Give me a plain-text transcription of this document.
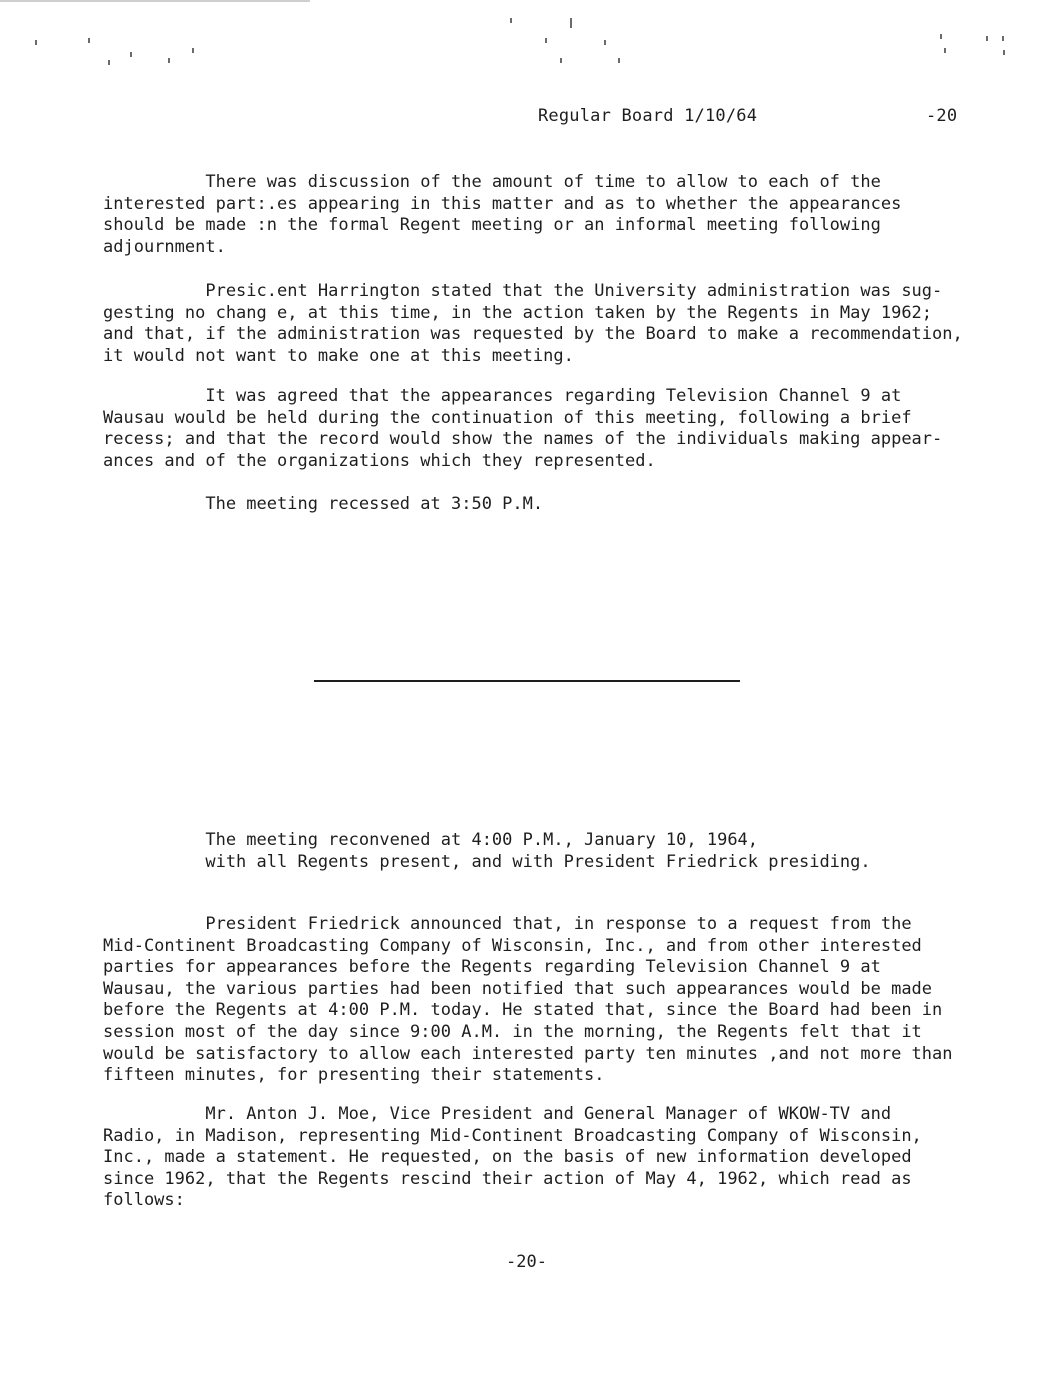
Regular Board 1/10/64	-20

There was discussion of the amount of time to allow to each of the
interested part:.es appearing in this matter and as to whether the appearances
should be made :n the formal Regent meeting or an informal meeting following
adjournment.

Presic.ent Harrington stated that the University administration was sug-
gesting no chang e, at this time, in the action taken by the Regents in May 1962;
and that, if the administration was requested by the Board to make a recommendation,
it would not want to make one at this meeting.

It was agreed that the appearances regarding Television Channel 9 at
Wausau would be held during the continuation of this meeting, following a brief
recess; and that the record would show the names of the individuals making appear-
ances and of the organizations which they represented.

The meeting recessed at 3:50 P.M.

The meeting reconvened at 4:00 P.M., January 10, 1964,
with all Regents present, and with President Friedrick presiding.

President Friedrick announced that, in response to a request from the
Mid-Continent Broadcasting Company of Wisconsin, Inc., and from other interested
parties for appearances before the Regents regarding Television Channel 9 at
Wausau, the various parties had been notified that such appearances would be made
before the Regents at 4:00 P.M. today. He stated that, since the Board had been in
session most of the day since 9:00 A.M. in the morning, the Regents felt that it
would be satisfactory to allow each interested party ten minutes ,and not more than
fifteen minutes, for presenting their statements.

Mr. Anton J. Moe, Vice President and General Manager of WKOW-TV and
Radio, in Madison, representing Mid-Continent Broadcasting Company of Wisconsin,
Inc., made a statement. He requested, on the basis of new information developed
since 1962, that the Regents rescind their action of May 4, 1962, which read as
follows:

-20-
